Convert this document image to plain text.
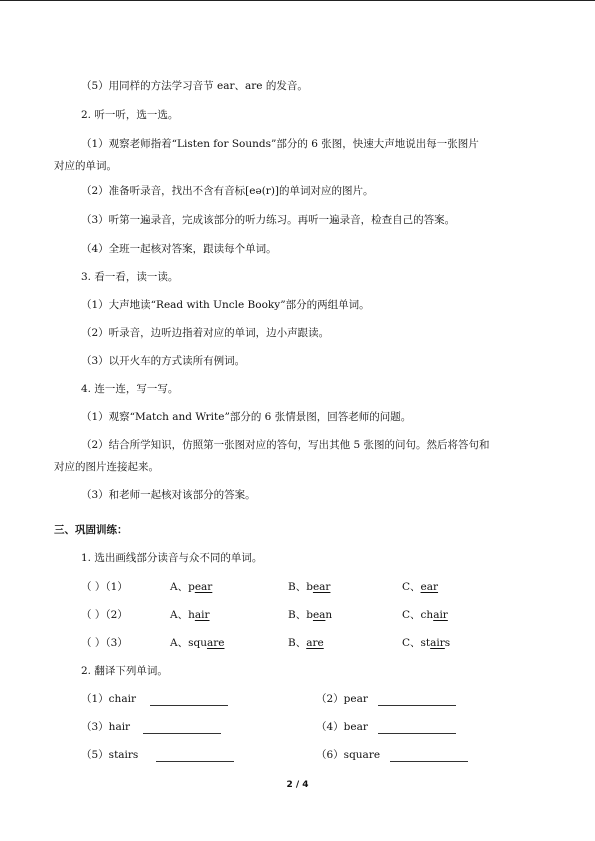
（5）用同样的方法学习音节 ear、are 的发音。
2. 听一听，选一选。
（1）观察老师指着“Listen for Sounds”部分的 6 张图，快速大声地说出每一张图片
对应的单词。
（2）准备听录音，找出不含有音标[eə(r)]的单词对应的图片。
（3）听第一遍录音，完成该部分的听力练习。再听一遍录音，检查自己的答案。
（4）全班一起核对答案，跟读每个单词。
3. 看一看，读一读。
（1）大声地读“Read with Uncle Booky”部分的两组单词。
（2）听录音，边听边指着对应的单词，边小声跟读。
（3）以开火车的方式读所有例词。
4. 连一连，写一写。
（1）观察“Match and Write”部分的 6 张情景图，回答老师的问题。
（2）结合所学知识，仿照第一张图对应的答句，写出其他 5 张图的问句。然后将答句和
对应的图片连接起来。
（3）和老师一起核对该部分的答案。
三、巩固训练：
1. 选出画线部分读音与众不同的单词。
（ ）（1）	A、pear	B、bear	C、ear
（ ）（2）	A、hair	B、bean	C、chair
（ ）（3）	A、square	B、are	C、stairs
2. 翻译下列单词。
（1）chair	（2）pear
（3）hair	（4）bear
（5）stairs	（6）square
2 / 4
